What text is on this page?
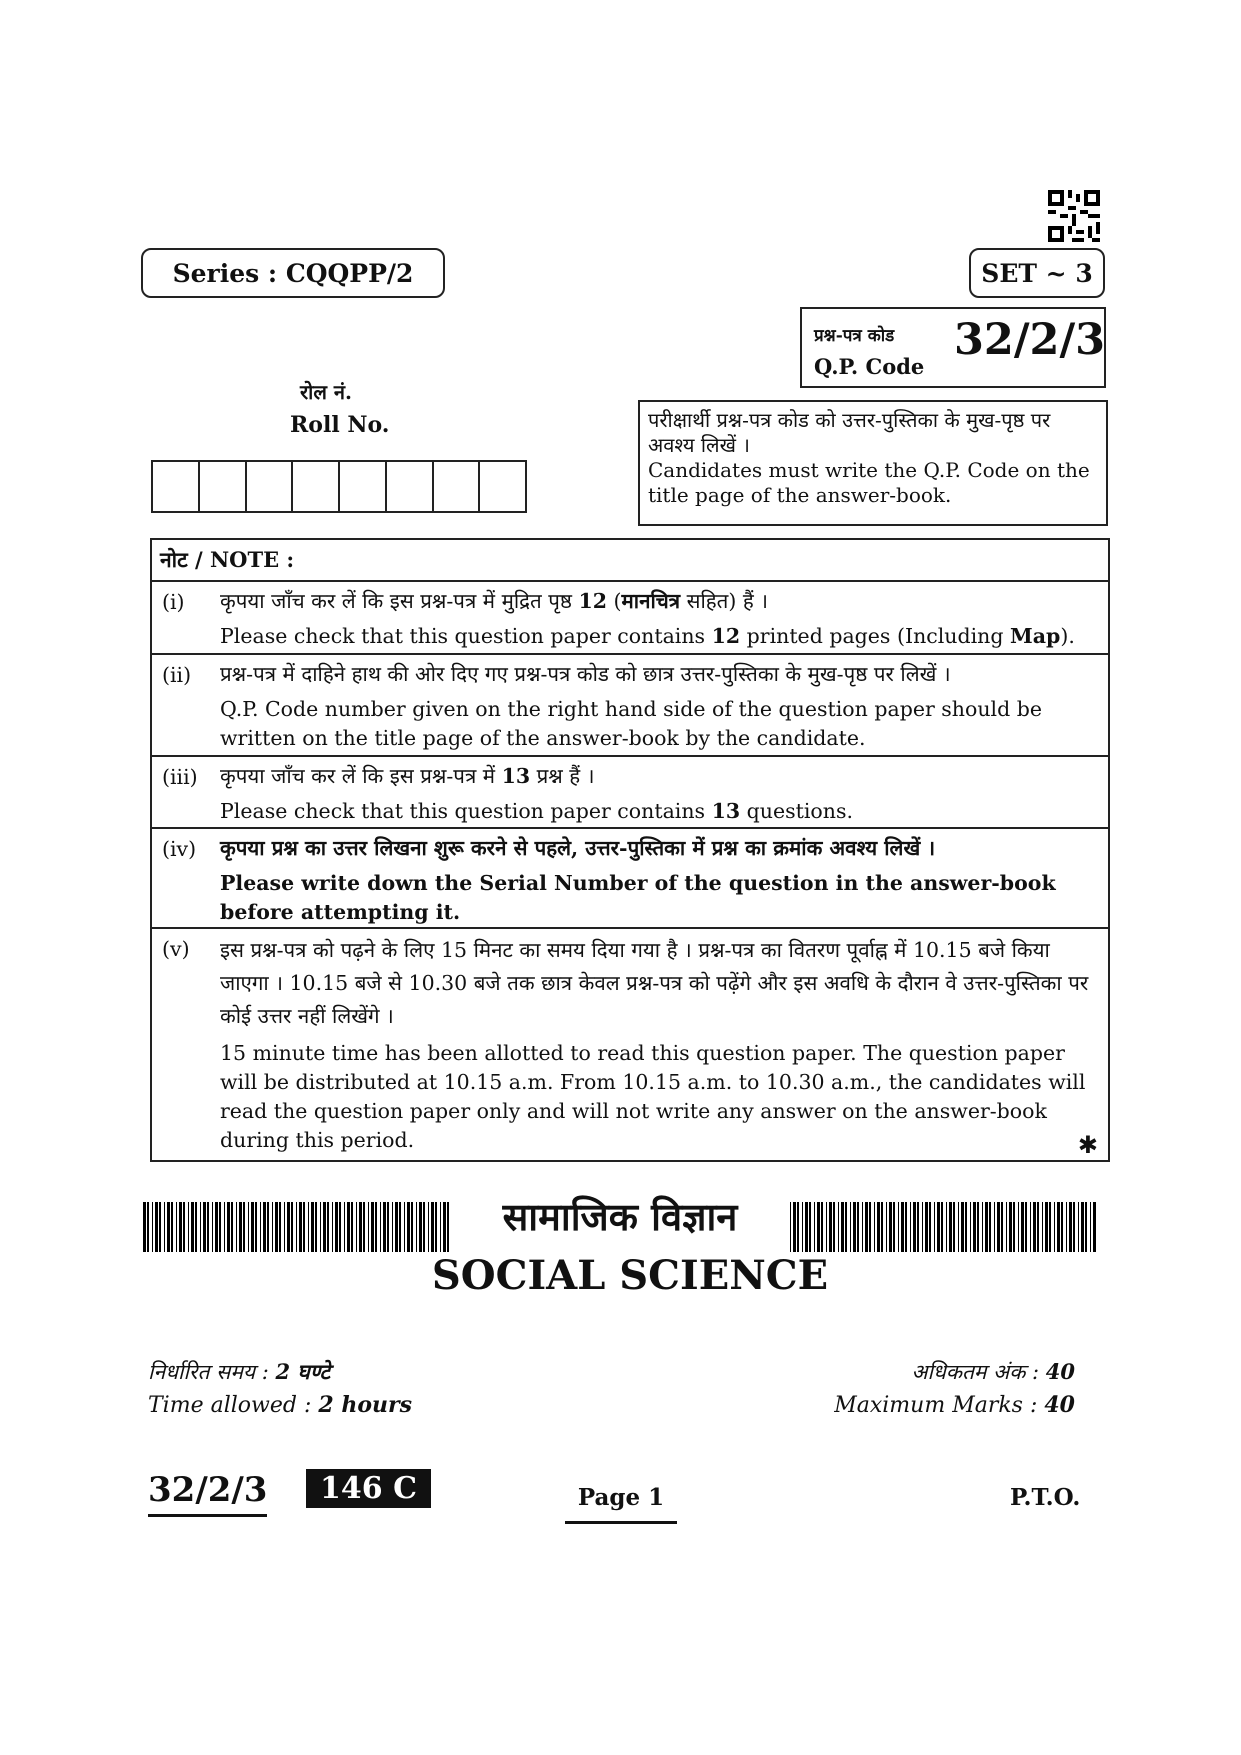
Series : CQQPP/2	SET ~ 3
प्रश्न-पत्र कोड
Q.P. Code
32/2/3
रोल नं.
Roll No.	परीक्षार्थी प्रश्न-पत्र कोड को उत्तर-पुस्तिका के मुख-पृष्ठ पर अवश्य लिखें ।
Candidates must write the Q.P. Code on the title page of the answer-book.
नोट / NOTE :
(i) कृपया जाँच कर लें कि इस प्रश्न-पत्र में मुद्रित पृष्ठ 12 (मानचित्र सहित) हैं ।
Please check that this question paper contains 12 printed pages (Including Map).
(ii) प्रश्न-पत्र में दाहिने हाथ की ओर दिए गए प्रश्न-पत्र कोड को छात्र उत्तर-पुस्तिका के मुख-पृष्ठ पर लिखें ।
Q.P. Code number given on the right hand side of the question paper should be written on the title page of the answer-book by the candidate.
(iii) कृपया जाँच कर लें कि इस प्रश्न-पत्र में 13 प्रश्न हैं ।
Please check that this question paper contains 13 questions.
(iv) कृपया प्रश्न का उत्तर लिखना शुरू करने से पहले, उत्तर-पुस्तिका में प्रश्न का क्रमांक अवश्य लिखें ।
Please write down the Serial Number of the question in the answer-book before attempting it.
(v) इस प्रश्न-पत्र को पढ़ने के लिए 15 मिनट का समय दिया गया है । प्रश्न-पत्र का वितरण पूर्वाह्न में 10.15 बजे किया जाएगा । 10.15 बजे से 10.30 बजे तक छात्र केवल प्रश्न-पत्र को पढ़ेंगे और इस अवधि के दौरान वे उत्तर-पुस्तिका पर कोई उत्तर नहीं लिखेंगे ।
15 minute time has been allotted to read this question paper. The question paper will be distributed at 10.15 a.m. From 10.15 a.m. to 10.30 a.m., the candidates will read the question paper only and will not write any answer on the answer-book during this period.	✱
सामाजिक विज्ञान
SOCIAL SCIENCE
निर्धारित समय : 2 घण्टे
Time allowed : 2 hours
अधिकतम अंक : 40
Maximum Marks : 40
32/2/3	146 C	Page 1	P.T.O.
